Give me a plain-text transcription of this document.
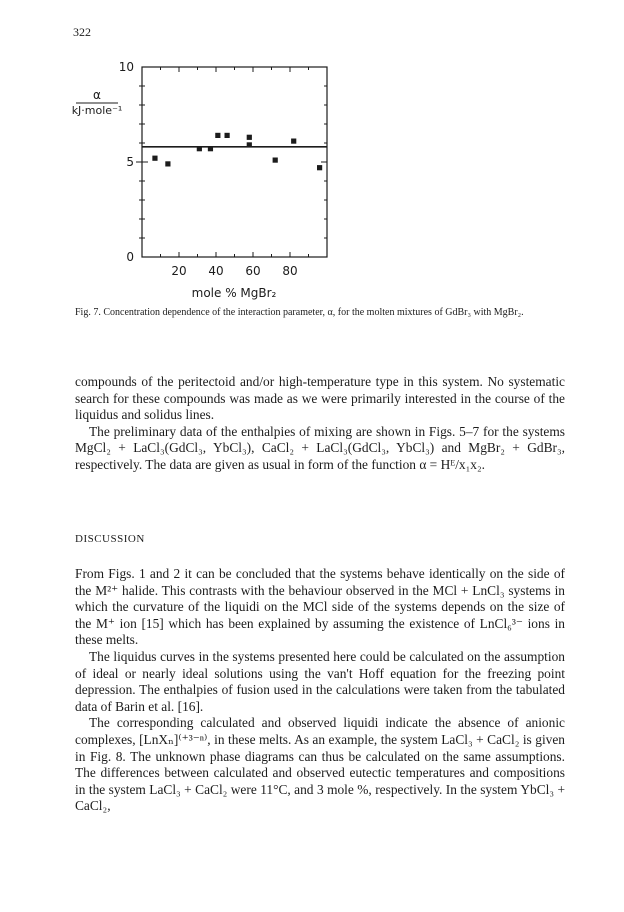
322
α
kJ·mole⁻¹
20 40 60 80
0
5
10
mole % MgBr₂
Fig. 7. Concentration dependence of the interaction parameter, α, for the molten mixtures of GdBr₃ with MgBr₂.

compounds of the peritectoid and/or high-temperature type in this system. No systematic search for these compounds was made as we were primarily interested in the course of the liquidus and solidus lines.

The preliminary data of the enthalpies of mixing are shown in Figs. 5–7 for the systems MgCl₂ + LaCl₃(GdCl₃, YbCl₃), CaCl₂ + LaCl₃(GdCl₃, YbCl₃) and MgBr₂ + GdBr₃, respectively. The data are given as usual in form of the function α = Hᴱ/x₁x₂.

DISCUSSION

From Figs. 1 and 2 it can be concluded that the systems behave identically on the side of the M²⁺ halide. This contrasts with the behaviour observed in the MCl + LnCl₃ systems in which the curvature of the liquidi on the MCl side of the systems depends on the size of the M⁺ ion [15] which has been explained by assuming the existence of LnCl₆³⁻ ions in these melts.

The liquidus curves in the systems presented here could be calculated on the assumption of ideal or nearly ideal solutions using the van't Hoff equation for the freezing point depression. The enthalpies of fusion used in the calculations were taken from the tabulated data of Barin et al. [16].

The corresponding calculated and observed liquidi indicate the absence of anionic complexes, [LnXₙ]⁽⁺³⁻ⁿ⁾, in these melts. As an example, the system LaCl₃ + CaCl₂ is given in Fig. 8. The unknown phase diagrams can thus be calculated on the same assumptions. The differences between calculated and observed eutectic temperatures and compositions in the system LaCl₃ + CaCl₂ were 11°C, and 3 mole %, respectively. In the system YbCl₃ + CaCl₂,
